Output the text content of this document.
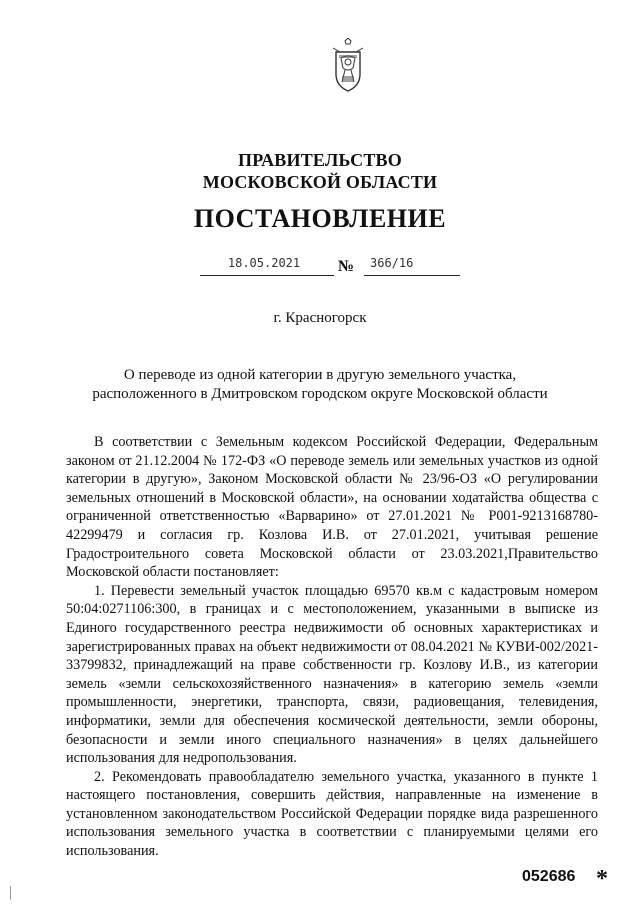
ПРАВИТЕЛЬСТВО
МОСКОВСКОЙ ОБЛАСТИ
ПОСТАНОВЛЕНИЕ
18.05.2021	№ 366/16
г. Красногорск
О переводе из одной категории в другую земельного участка,
расположенного в Дмитровском городском округе Московской области

В соответствии с Земельным кодексом Российской Федерации, Федеральным законом от 21.12.2004 № 172-ФЗ «О переводе земель или земельных участков из одной категории в другую», Законом Московской области № 23/96-ОЗ «О регулировании земельных отношений в Московской области», на основании ходатайства общества с ограниченной ответственностью «Варварино» от 27.01.2021 № Р001-9213168780-42299479 и согласия гр. Козлова И.В. от 27.01.2021, учитывая решение Градостроительного совета Московской области от 23.03.2021,Правительство Московской области постановляет:

1. Перевести земельный участок площадью 69570 кв.м с кадастровым номером 50:04:0271106:300, в границах и с местоположением, указанными в выписке из Единого государственного реестра недвижимости об основных характеристиках и зарегистрированных правах на объект недвижимости от 08.04.2021 № КУВИ-002/2021-33799832, принадлежащий на праве собственности гр. Козлову И.В., из категории земель «земли сельскохозяйственного назначения» в категорию земель «земли промышленности, энергетики, транспорта, связи, радиовещания, телевидения, информатики, земли для обеспечения космической деятельности, земли обороны, безопасности и земли иного специального назначения» в целях дальнейшего использования для недропользования.

2. Рекомендовать правообладателю земельного участка, указанного в пункте 1 настоящего постановления, совершить действия, направленные на изменение в установленном законодательством Российской Федерации порядке вида разрешенного использования земельного участка в соответствии с планируемыми целями его использования.

052686 *
